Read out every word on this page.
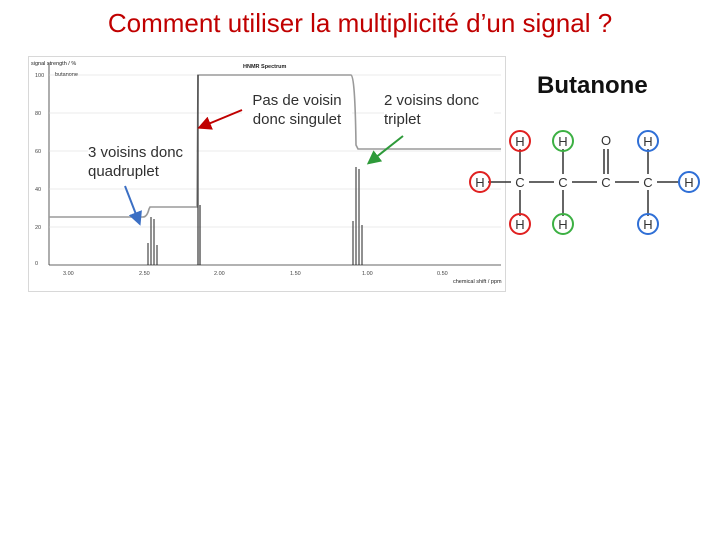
Comment utiliser la multiplicité d’un signal ?
signal strength / %
butanone
HNMR Spectrum
chemical shift / ppm
100
80
60
40
20
0
3.00	2.50	2.00	1.50	1.00	0.50
Pas de voisin donc singulet
2 voisins donc triplet
3 voisins donc quadruplet
Butanone
C	C	C	C
O
H
H
H
H
H
H
H
H
